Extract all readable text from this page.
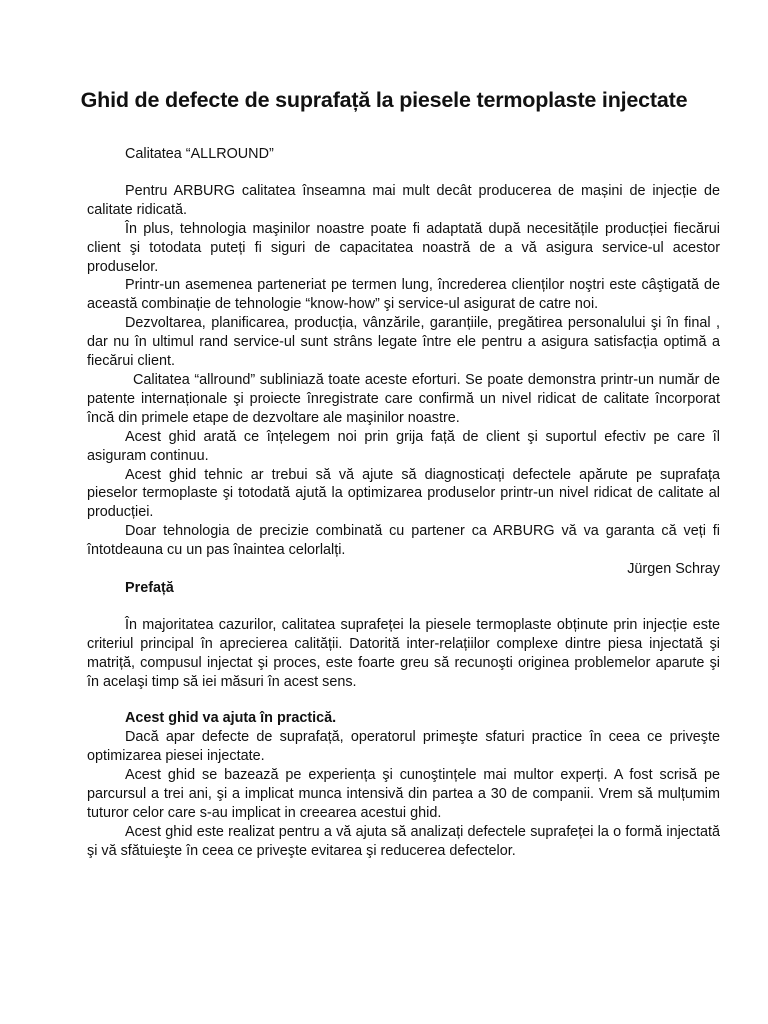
Ghid de defecte de suprafață la piesele termoplaste injectate

Calitatea “ALLROUND”

Pentru ARBURG calitatea înseamna mai mult decât producerea de mașini de injecție de calitate ridicată.

În plus, tehnologia maşinilor noastre poate fi adaptată după necesitățile producției fiecărui client şi totodata puteți fi siguri de capacitatea noastră de a vă asigura service-ul acestor produselor.

Printr-un asemenea parteneriat pe termen lung, încrederea clienților noştri este câştigată de această combinație de tehnologie “know-how” şi service-ul asigurat de catre noi.

Dezvoltarea, planificarea, producția, vânzările, garanțiile, pregătirea personalului şi în final , dar nu în ultimul rand service-ul sunt strâns legate între ele pentru a asigura satisfacția optimă a fiecărui client.

Calitatea “allround” subliniază toate aceste eforturi. Se poate demonstra printr-un număr de patente internaționale şi proiecte înregistrate care confirmă un nivel ridicat de calitate încorporat încă din primele etape de dezvoltare ale maşinilor noastre.

Acest ghid arată ce înțelegem noi prin grija față de client şi suportul efectiv pe care îl asiguram continuu.

Acest ghid tehnic ar trebui să vă ajute să diagnosticați defectele apărute pe suprafața pieselor termoplaste şi totodată ajută la optimizarea produselor printr-un nivel ridicat de calitate al producției.

Doar tehnologia de precizie combinată cu partener ca ARBURG vă va garanta că veți fi întotdeauna cu un pas înaintea celorlalți.

Jürgen Schray

Prefață

În majoritatea cazurilor, calitatea suprafeței la piesele termoplaste obținute prin injecție este criteriul principal în aprecierea calității. Datorită inter-relațiilor complexe dintre piesa injectată şi matriță, compusul injectat şi proces, este foarte greu să recunoşti originea problemelor aparute şi în acelaşi timp să iei măsuri în acest sens.

Acest ghid va ajuta în practică.

Dacă apar defecte de suprafață, operatorul primeşte sfaturi practice în ceea ce priveşte optimizarea piesei injectate.

Acest ghid se bazează pe experiența şi cunoştințele mai multor experți. A fost scrisă pe parcursul a trei ani, şi a implicat munca intensivă din partea a 30 de companii. Vrem să mulțumim tuturor celor care s-au implicat in creearea acestui ghid.

Acest ghid este realizat pentru a vă ajuta să analizați defectele suprafeței la o formă injectată şi vă sfătuieşte în ceea ce priveşte evitarea şi reducerea defectelor.
